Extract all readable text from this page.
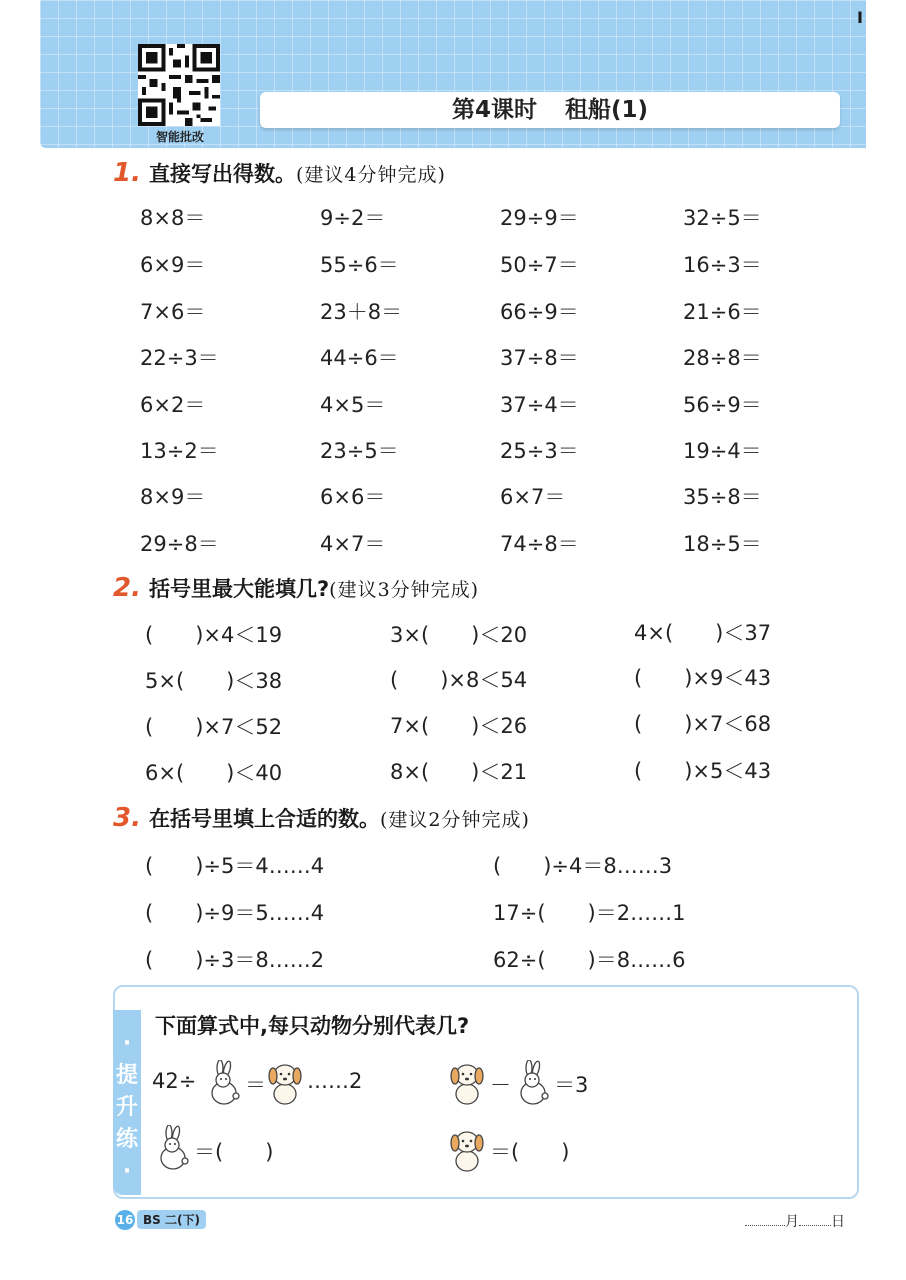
智能批改
第4课时 租船(1)
I
1. 直接写出得数。(建议4分钟完成)
8×8＝	9÷2＝	29÷9＝	32÷5＝
6×9＝	55÷6＝	50÷7＝	16÷3＝
7×6＝	23＋8＝	66÷9＝	21÷6＝
22÷3＝	44÷6＝	37÷8＝	28÷8＝
6×2＝	4×5＝	37÷4＝	56÷9＝
13÷2＝	23÷5＝	25÷3＝	19÷4＝
8×9＝	6×6＝	6×7＝	35÷8＝
29÷8＝	4×7＝	74÷8＝	18÷5＝
2. 括号里最大能填几?(建议3分钟完成)
(　　)×4＜19	3×(　　)＜20	4×(　　)＜37
5×(　　)＜38	(　　)×8＜54	(　　)×9＜43
(　　)×7＜52	7×(　　)＜26	(　　)×7＜68
6×(　　)＜40	8×(　　)＜21	(　　)×5＜43
3. 在括号里填上合适的数。(建议2分钟完成)
(　　)÷5＝4……4	(　　)÷4＝8……3
(　　)÷9＝5……4	17÷(　　)＝2……1
(　　)÷3＝8……2	62÷(　　)＝8……6
·提升练·
下面算式中,每只动物分别代表几?
42÷ ＝ ……2	－ ＝3
＝(　　)	＝(　　)
16 BS 二(下)	月 日
